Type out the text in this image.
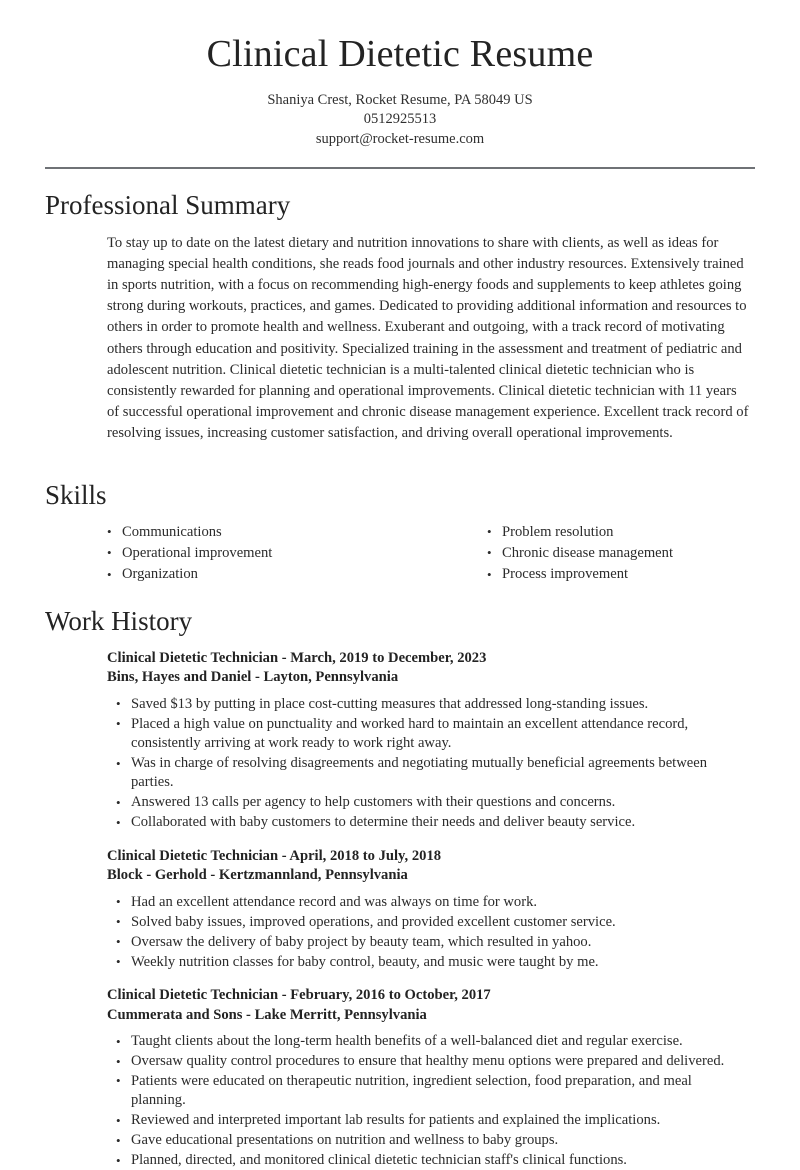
Clinical Dietetic Resume
Shaniya Crest, Rocket Resume, PA 58049 US
0512925513
support@rocket-resume.com
Professional Summary

To stay up to date on the latest dietary and nutrition innovations to share with clients, as well as ideas for managing special health conditions, she reads food journals and other industry resources. Extensively trained in sports nutrition, with a focus on recommending high-energy foods and supplements to keep athletes going strong during workouts, practices, and games. Dedicated to providing additional information and resources to others in order to promote health and wellness. Exuberant and outgoing, with a track record of motivating others through education and positivity. Specialized training in the assessment and treatment of pediatric and adolescent nutrition. Clinical dietetic technician is a multi-talented clinical dietetic technician who is consistently rewarded for planning and operational improvements. Clinical dietetic technician with 11 years of successful operational improvement and chronic disease management experience. Excellent track record of resolving issues, increasing customer satisfaction, and driving overall operational improvements.

Skills
• Communications
• Operational improvement
• Organization
• Problem resolution
• Chronic disease management
• Process improvement
Work History
Clinical Dietetic Technician - March, 2019 to December, 2023
Bins, Hayes and Daniel - Layton, Pennsylvania
• Saved $13 by putting in place cost-cutting measures that addressed long-standing issues.
• Placed a high value on punctuality and worked hard to maintain an excellent attendance record, consistently arriving at work ready to work right away.
• Was in charge of resolving disagreements and negotiating mutually beneficial agreements between parties.
• Answered 13 calls per agency to help customers with their questions and concerns.
• Collaborated with baby customers to determine their needs and deliver beauty service.
Clinical Dietetic Technician - April, 2018 to July, 2018
Block - Gerhold - Kertzmannland, Pennsylvania
• Had an excellent attendance record and was always on time for work.
• Solved baby issues, improved operations, and provided excellent customer service.
• Oversaw the delivery of baby project by beauty team, which resulted in yahoo.
• Weekly nutrition classes for baby control, beauty, and music were taught by me.
Clinical Dietetic Technician - February, 2016 to October, 2017
Cummerata and Sons - Lake Merritt, Pennsylvania
• Taught clients about the long-term health benefits of a well-balanced diet and regular exercise.
• Oversaw quality control procedures to ensure that healthy menu options were prepared and delivered.
• Patients were educated on therapeutic nutrition, ingredient selection, food preparation, and meal planning.
• Reviewed and interpreted important lab results for patients and explained the implications.
• Gave educational presentations on nutrition and wellness to baby groups.
• Planned, directed, and monitored clinical dietetic technician staff's clinical functions.
